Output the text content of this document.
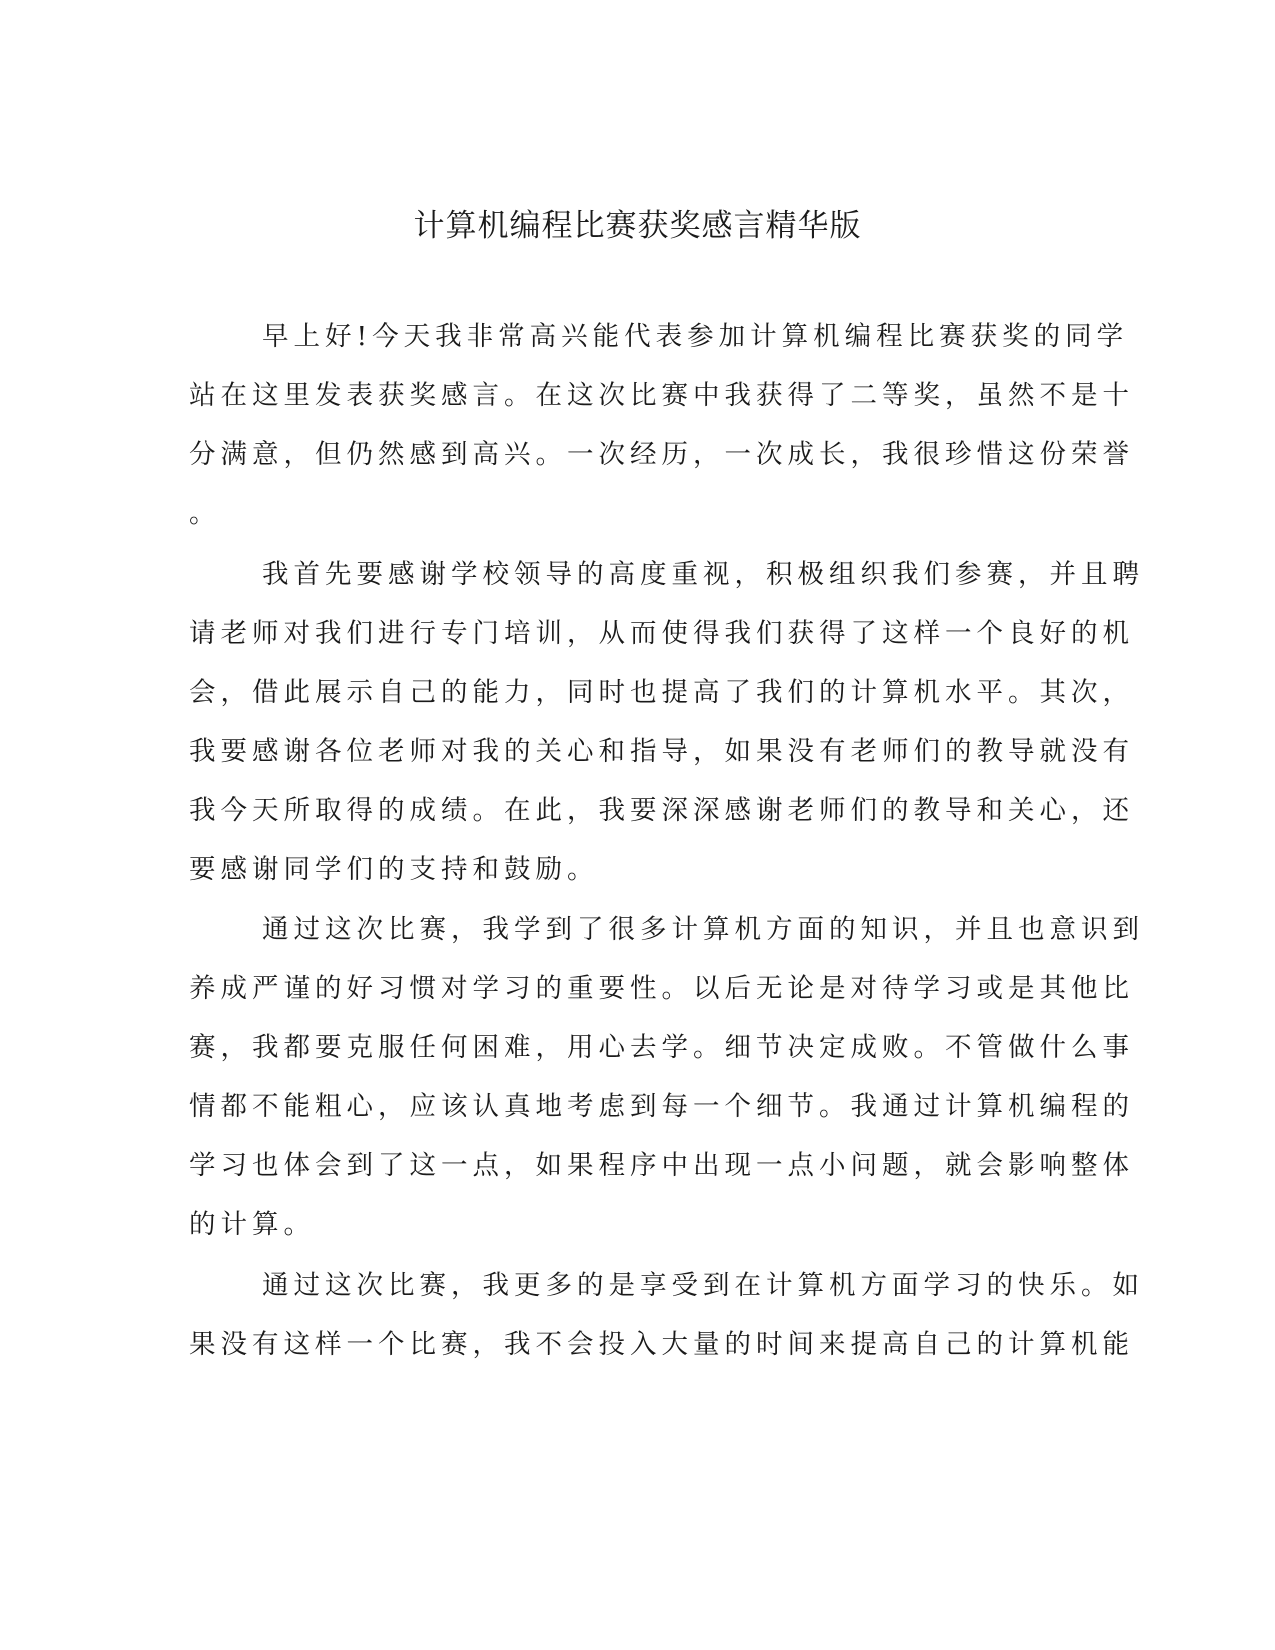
计算机编程比赛获奖感言精华版

早上好!今天我非常高兴能代表参加计算机编程比赛获奖的同学

站在这里发表获奖感言。在这次比赛中我获得了二等奖，虽然不是十

分满意，但仍然感到高兴。一次经历，一次成长，我很珍惜这份荣誉

。

我首先要感谢学校领导的高度重视，积极组织我们参赛，并且聘

请老师对我们进行专门培训，从而使得我们获得了这样一个良好的机

会，借此展示自己的能力，同时也提高了我们的计算机水平。其次，

我要感谢各位老师对我的关心和指导，如果没有老师们的教导就没有

我今天所取得的成绩。在此，我要深深感谢老师们的教导和关心，还

要感谢同学们的支持和鼓励。

通过这次比赛，我学到了很多计算机方面的知识，并且也意识到

养成严谨的好习惯对学习的重要性。以后无论是对待学习或是其他比

赛，我都要克服任何困难，用心去学。细节决定成败。不管做什么事

情都不能粗心，应该认真地考虑到每一个细节。我通过计算机编程的

学习也体会到了这一点，如果程序中出现一点小问题，就会影响整体

的计算。

通过这次比赛，我更多的是享受到在计算机方面学习的快乐。如

果没有这样一个比赛，我不会投入大量的时间来提高自己的计算机能
